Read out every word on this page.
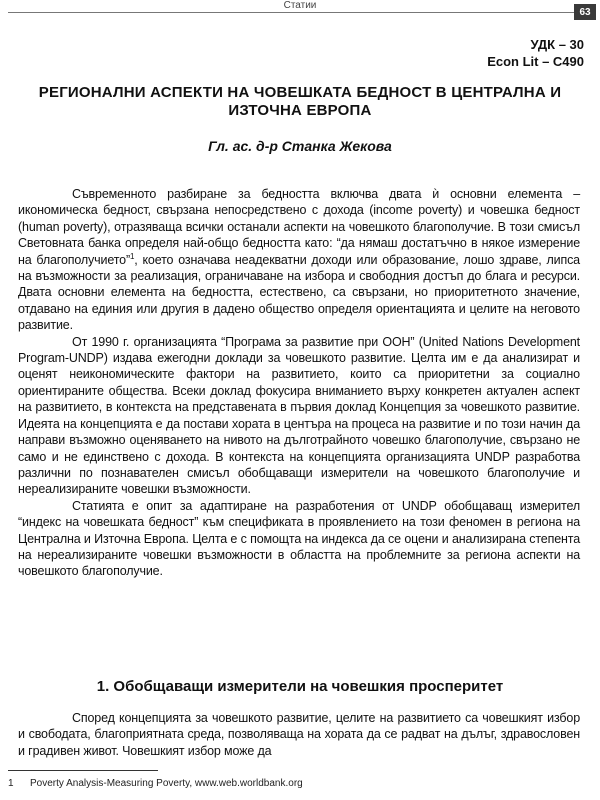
Статии
63
УДК – 30
Econ Lit – C490
РЕГИОНАЛНИ АСПЕКТИ НА ЧОВЕШКАТА БЕДНОСТ В ЦЕНТРАЛНА И ИЗТОЧНА ЕВРОПА
Гл. ас. д-р Станка Жекова

Съвременното разбиране за бедността включва двата ѝ основни елемента – икономическа бедност, свързана непосредствено с дохода (income poverty) и човешка бедност (human poverty), отразяваща всички останали аспекти на човешкото благополучие. В този смисъл Световната банка определя най-общо бедността като: “да нямаш достатъчно в някое измерение на благополучието”$^1$, което означава неадекватни доходи или образование, лошо здраве, липса на възможности за реализация, ограничаване на избора и свободния достъп до блага и ресурси. Двата основни елемента на бедността, естествено, са свързани, но приоритетното значение, отдавано на единия или другия в дадено общество определя ориентацията и целите на неговото развитие.

От 1990 г. организацията “Програма за развитие при ООН” (United Nations Development Program-UNDP) издава ежегодни доклади за човешкото развитие. Целта им е да анализират и оценят неикономическите фактори на развитието, които са приоритетни за социално ориентираните общества. Всеки доклад фокусира вниманието върху конкретен актуален аспект на развитието, в контекста на представената в първия доклад Концепция за човешкото развитие. Идеята на концепцията е да постави хората в центъра на процеса на развитие и по този начин да направи възможно оценяването на нивото на дълготрайното човешко благополучие, свързано не само и не единствено с дохода. В контекста на концепцията организацията UNDP разработва различни по познавателен смисъл обобщаващи измерители на човешкото благополучие и нереализираните човешки възможности.

Статията е опит за адаптиране на разработения от UNDP обобщаващ измерител “индекс на човешката бедност” към спецификата в проявлението на този феномен в региона на Централна и Източна Европа. Целта е с помощта на индекса да се оцени и анализирана степента на нереализираните човешки възможности в областта на проблемните за региона аспекти на човешкото благополучие.

1. Обобщаващи измерители на човешкия просперитет

Според концепцията за човешкото развитие, целите на развитието са човешкият избор и свободата, благоприятната среда, позволяваща на хората да се радват на дълъг, здравословен и градивен живот. Човешкият избор може да

1 Poverty Analysis-Measuring Poverty, www.web.worldbank.org
